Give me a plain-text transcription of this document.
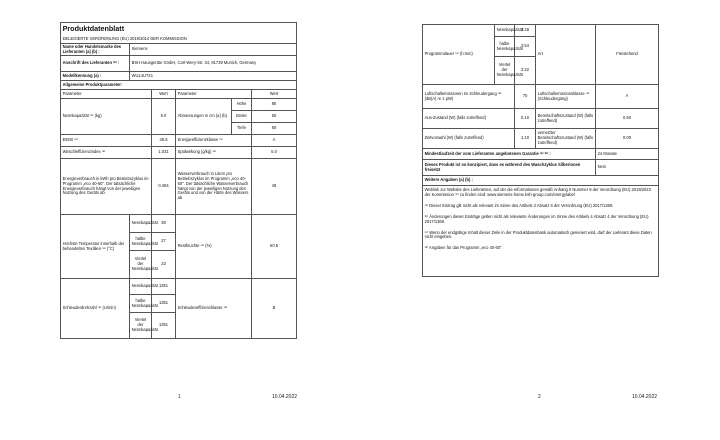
Produktdatenblatt					
DELEGIERTE VERORDNUNG (EU) 2019/2014 DER KOMMISSION					
Name oder Handelsmarke des Lieferanten (a) (b) :	Siemens				
Anschrift des Lieferanten ⁽ᵇ⁾ :	BSH Hausgeräte GmbH, Carl-Wery-Str. 34, 81739 Munich, Germany				
Modellkennung (a) :	WU14UT41				
Allgemeine Produktparameter:					
Parameter		Wert	Parameter		Wert
Nennkapazität ⁽ᵃ⁾ (kg)		9.0	Abmessungen in cm (a) (b)	Höhe	85
				Breite	60
				Tiefe	60
EEIW ⁽ᵃ⁾		48.8	Energieeffizienzklasse ⁽ᵃ⁾		A
Waschleffizienzindex ⁽ᵃ⁾		1.031	Spülwirkung (g/kg) ⁽ᵃ⁾		5.0
Energieverbrauch in kWh pro Betriebszyklus im Programm „eco 40-60". Der tatsächliche Energieverbrauch hängt von der jeweiligen Nutzung des Geräts ab.		0.484	Wasserverbrauch in Litern pro Betriebszyklus im Programm „eco 40-60". Der tatsächliche Wasserverbrauch hängt von der jeweiligen Nutzung des Geräts und von der Härte des Wassers ab.		48
Höchste Temperatur innerhalb der behandelten Textilien ⁽ᵃ⁾ (°C)	Nennkapazität	38	Restfeuchte ⁽ᵃ⁾ (%)		50.5
	halbe Nennkapazität	27			
	Viertel der Nennkapazität	23			
Schleuderdrehzahl ⁽ᵃ⁾ (U/min)	Nennkapazität	1351	Schleudereffizienzklasse ⁽ᵃ⁾		B
	halbe Nennkapazität	1351			
	Viertel der Nennkapazität	1351			
1	10.04.2022
Programmdauer ⁽ᵃ⁾ (h:min)	Nennkapazität	3:48	Art	Freistehend
	halbe Nennkapazität	2:54		
	Viertel der Nennkapazität	2:22		
Luftschallemissionen im Schleudergang ⁽ᵃ⁾ (dB(A) re 1 pW)		70	Luftschallemissionsklasse ⁽ᵃ⁾ (Schleudergang)	A
Aus-Zustand (W) (falls zutreffend)		0.10	Bereitschaftszustand (W) (falls zutreffend)	0.50
Zeitvorwahl (W) (falls zutreffend)		1.10	vernetzter Bereitschaftszustand (W) (falls zutreffend)	0.00
Mindestlaufzeit der vom Lieferanten angebotenen Garantie ⁽ᵃ⁾ ⁽ᵇ⁾ :				24 Monate
Dieses Produkt ist so konzipiert, dass es während des Waschzyklus Silberionen freisetzt				Nein
Weitere Angaben (a) (b) :				

Weblink zur Website des Lieferanten, auf der die Informationen gemäß Anhang II Nummer 9 der Verordnung (EU) 2019/2023 der Kommission ⁽ᵇ⁾ zu finden sind: www.siemens-home.bsh-group.com/energylabel
⁽ᵃ⁾ Dieser Eintrag gilt nicht als relevant im Sinne des Artikels 2 Absatz 6 der Verordnung (EU) 2017/1369.
⁽ᵇ⁾ Änderungen dieser Einträge gelten nicht als relevante Änderungen im Sinne des Artikels 4 Absatz 4 der Verordnung (EU) 2017/1369.
⁽ᶜ⁾ Wenn der endgültige Inhalt dieser Zeile in der Produktdatenbank automatisch generiert wird, darf der Lieferant diese Daten nicht eingeben.
⁽ᵈ⁾ Angaben für das Programm „eco 40-60".				
2	10.04.2022
